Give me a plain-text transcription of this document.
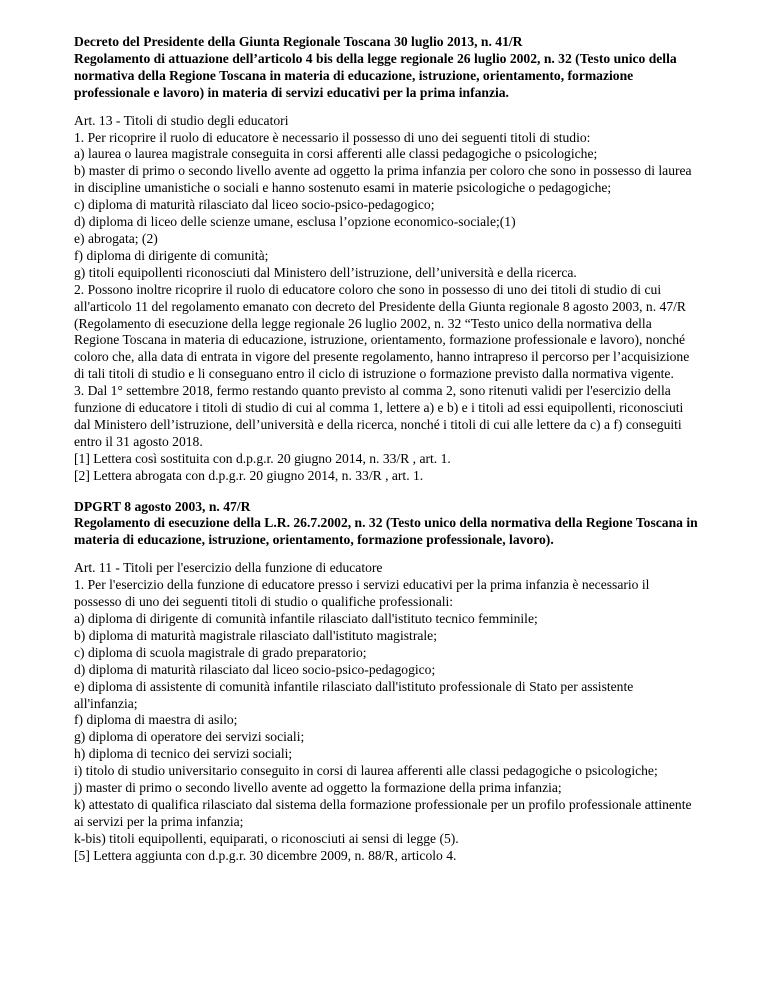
Decreto del Presidente della Giunta Regionale Toscana 30 luglio 2013, n. 41/R

Regolamento di attuazione dell’articolo 4 bis della legge regionale 26 luglio 2002, n. 32 (Testo unico della normativa della Regione Toscana in materia di educazione, istruzione, orientamento, formazione professionale e lavoro) in materia di servizi educativi per la prima infanzia.

Art. 13 - Titoli di studio degli educatori

1. Per ricoprire il ruolo di educatore è necessario il possesso di uno dei seguenti titoli di studio:

a) laurea o laurea magistrale conseguita in corsi afferenti alle classi pedagogiche o psicologiche;

b) master di primo o secondo livello avente ad oggetto la prima infanzia per coloro che sono in possesso di laurea in discipline umanistiche o sociali e hanno sostenuto esami in materie psicologiche o pedagogiche;

c) diploma di maturità rilasciato dal liceo socio-psico-pedagogico;

d) diploma di liceo delle scienze umane, esclusa l’opzione economico-sociale;(1)

e) abrogata; (2)

f) diploma di dirigente di comunità;

g) titoli equipollenti riconosciuti dal Ministero dell’istruzione, dell’università e della ricerca.

2. Possono inoltre ricoprire il ruolo di educatore coloro che sono in possesso di uno dei titoli di studio di cui all'articolo 11 del regolamento emanato con decreto del Presidente della Giunta regionale 8 agosto 2003, n. 47/R (Regolamento di esecuzione della legge regionale 26 luglio 2002, n. 32 “Testo unico della normativa della Regione Toscana in materia di educazione, istruzione, orientamento, formazione professionale e lavoro), nonché coloro che, alla data di entrata in vigore del presente regolamento, hanno intrapreso il percorso per l’acquisizione di tali titoli di studio e li conseguano entro il ciclo di istruzione o formazione previsto dalla normativa vigente.

3. Dal 1° settembre 2018, fermo restando quanto previsto al comma 2, sono ritenuti validi per l'esercizio della funzione di educatore i titoli di studio di cui al comma 1, lettere a) e b) e i titoli ad essi equipollenti, riconosciuti dal Ministero dell’istruzione, dell’università e della ricerca, nonché i titoli di cui alle lettere da c) a f) conseguiti entro il 31 agosto 2018.

[1] Lettera così sostituita con d.p.g.r. 20 giugno 2014, n. 33/R , art. 1.

[2] Lettera abrogata con d.p.g.r. 20 giugno 2014, n. 33/R , art. 1.

DPGRT 8 agosto 2003, n. 47/R

Regolamento di esecuzione della L.R. 26.7.2002, n. 32 (Testo unico della normativa della Regione Toscana in materia di educazione, istruzione, orientamento, formazione professionale, lavoro).

Art. 11 - Titoli per l'esercizio della funzione di educatore

1. Per l'esercizio della funzione di educatore presso i servizi educativi per la prima infanzia è necessario il possesso di uno dei seguenti titoli di studio o qualifiche professionali:

a) diploma di dirigente di comunità infantile rilasciato dall'istituto tecnico femminile;

b) diploma di maturità magistrale rilasciato dall'istituto magistrale;

c) diploma di scuola magistrale di grado preparatorio;

d) diploma di maturità rilasciato dal liceo socio-psico-pedagogico;

e) diploma di assistente di comunità infantile rilasciato dall'istituto professionale di Stato per assistente all'infanzia;

f) diploma di maestra di asilo;

g) diploma di operatore dei servizi sociali;

h) diploma di tecnico dei servizi sociali;

i) titolo di studio universitario conseguito in corsi di laurea afferenti alle classi pedagogiche o psicologiche;

j) master di primo o secondo livello avente ad oggetto la formazione della prima infanzia;

k) attestato di qualifica rilasciato dal sistema della formazione professionale per un profilo professionale attinente ai servizi per la prima infanzia;

k-bis) titoli equipollenti, equiparati, o riconosciuti ai sensi di legge (5).

[5] Lettera aggiunta con d.p.g.r. 30 dicembre 2009, n. 88/R, articolo 4.
